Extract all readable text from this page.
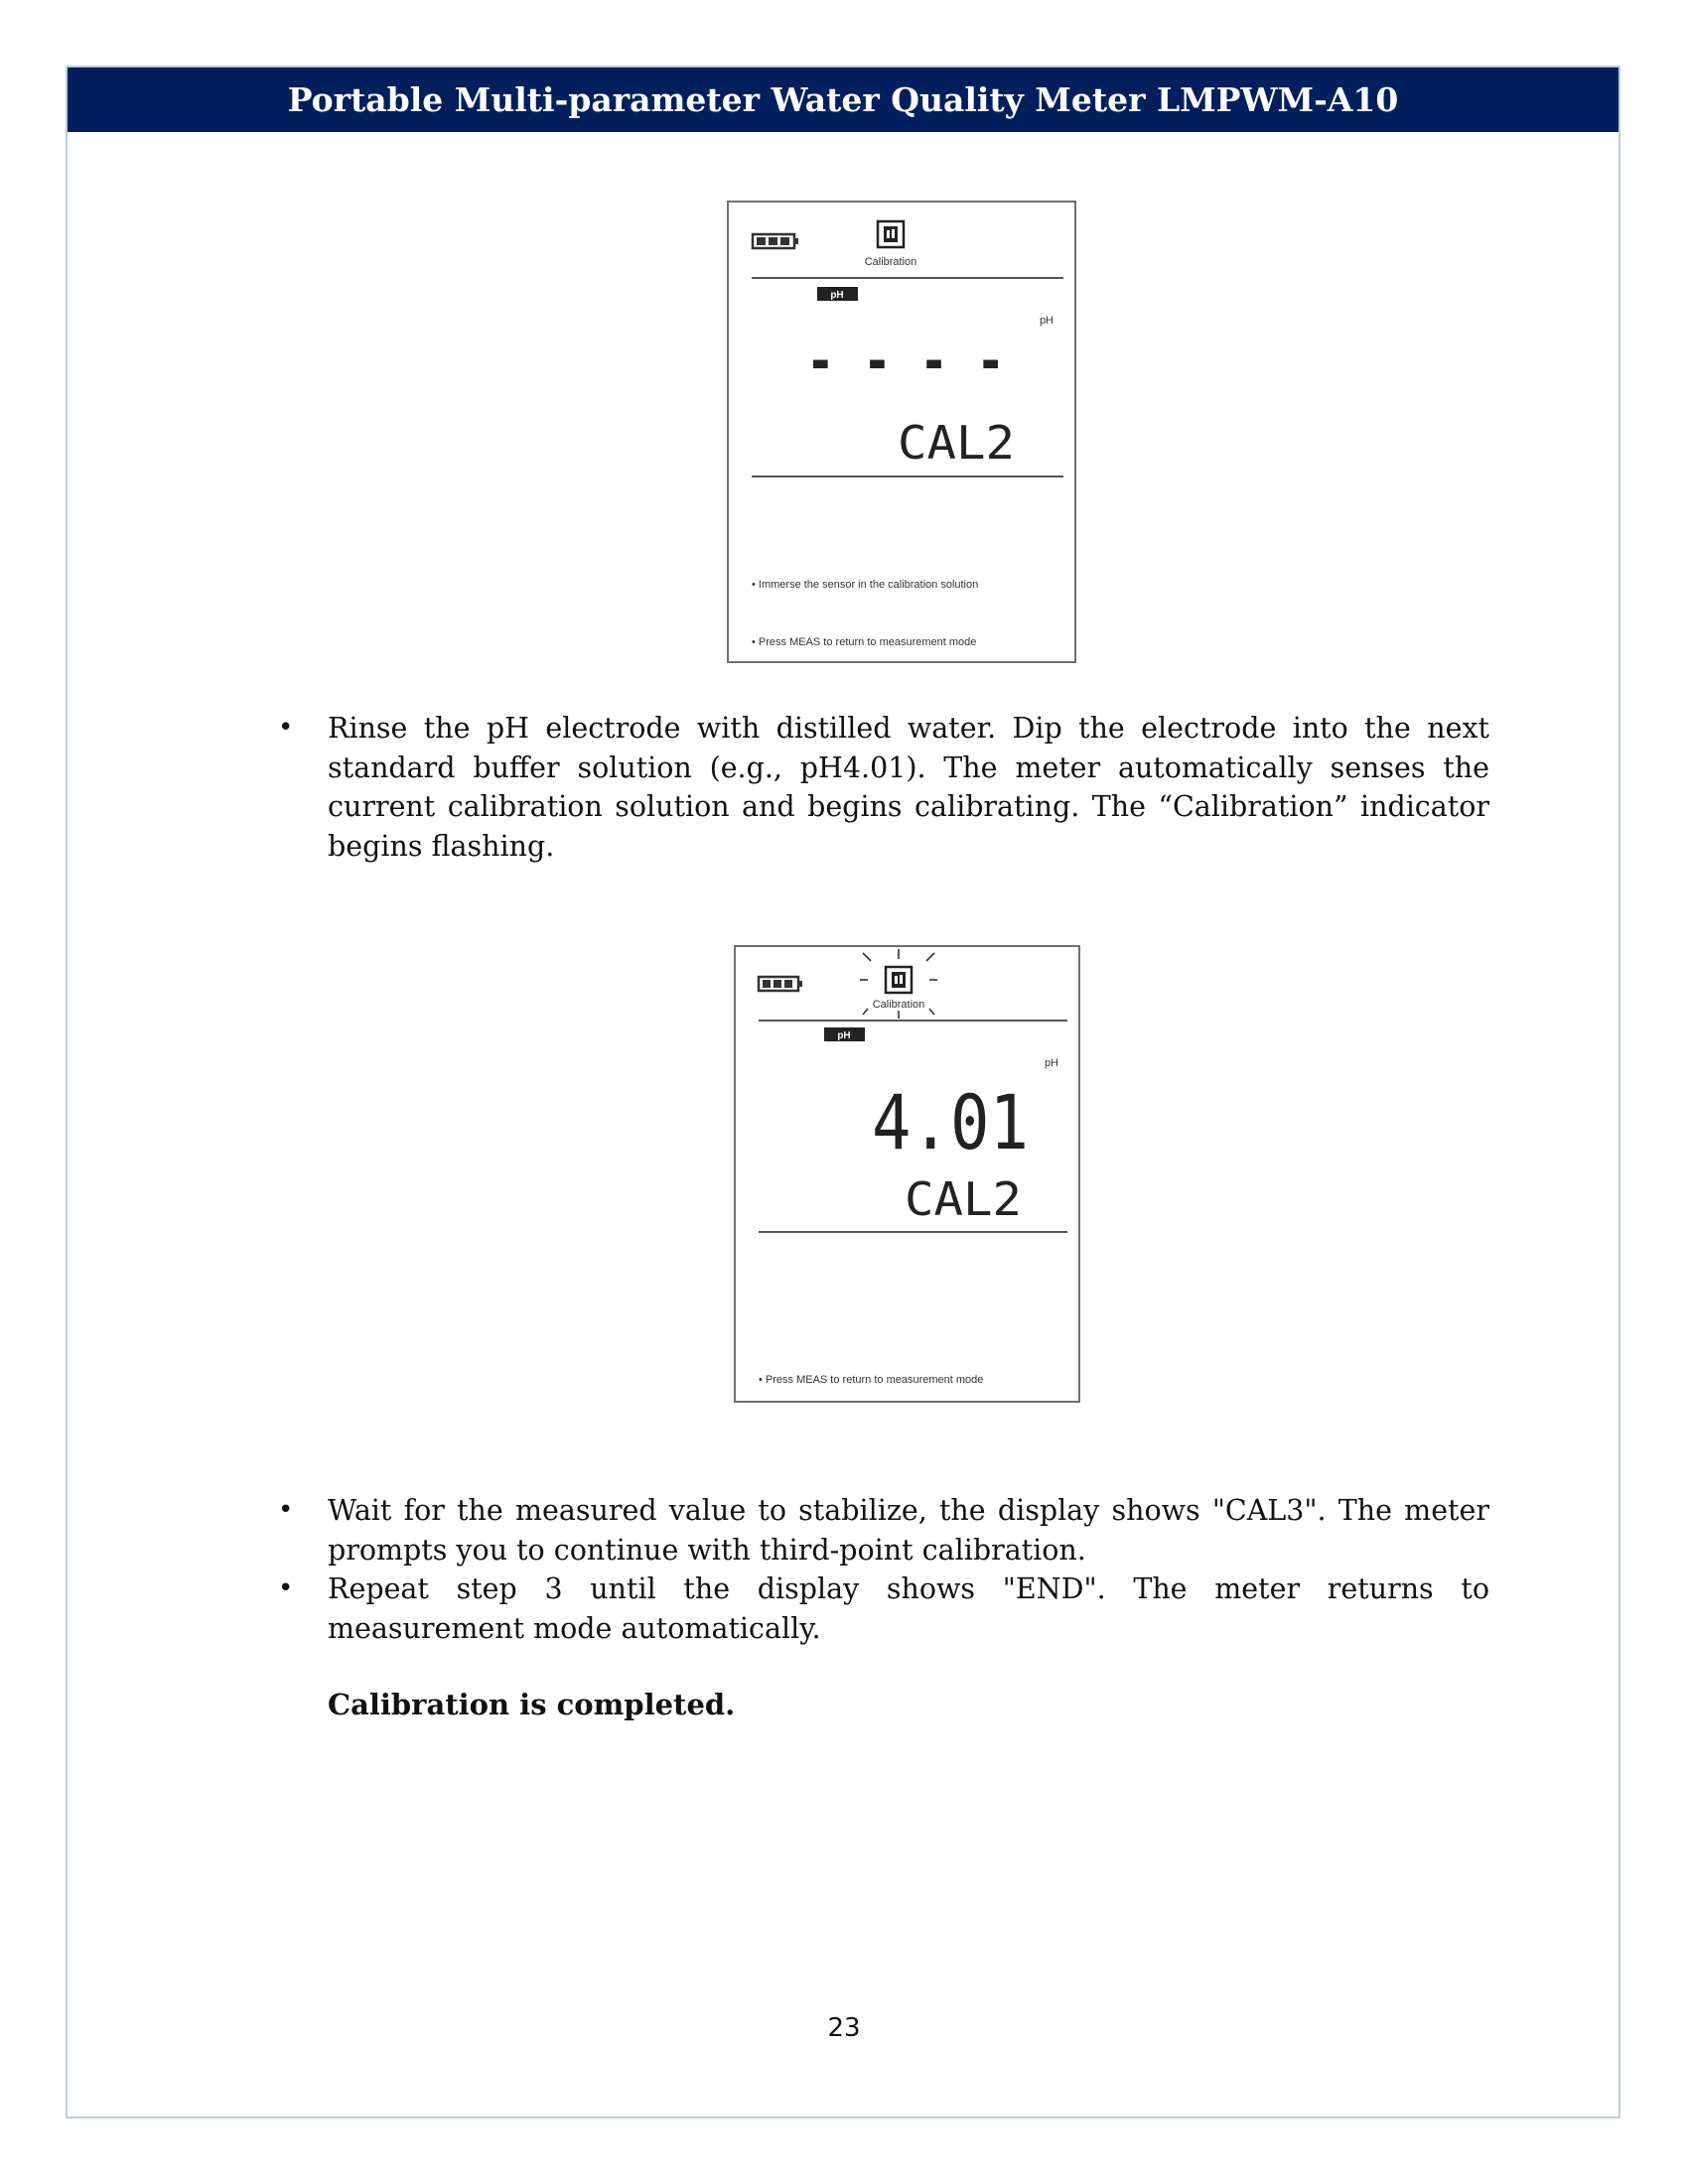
Portable Multi-parameter Water Quality Meter LMPWM-A10
Calibration
pH
pH
- - - -
CAL2
• Immerse the sensor in the calibration solution
• Press MEAS to return to measurement mode
• Rinse the pH electrode with distilled water. Dip the electrode into the next standard buffer solution (e.g., pH4.01). The meter automatically senses the current calibration solution and begins calibrating. The “Calibration” indicator begins flashing.
Calibration
pH
pH
4.01
CAL2
• Press MEAS to return to measurement mode
• Wait for the measured value to stabilize, the display shows "CAL3". The meter prompts you to continue with third-point calibration.
• Repeat step 3 until the display shows "END". The meter returns to measurement mode automatically.
Calibration is completed.
23
